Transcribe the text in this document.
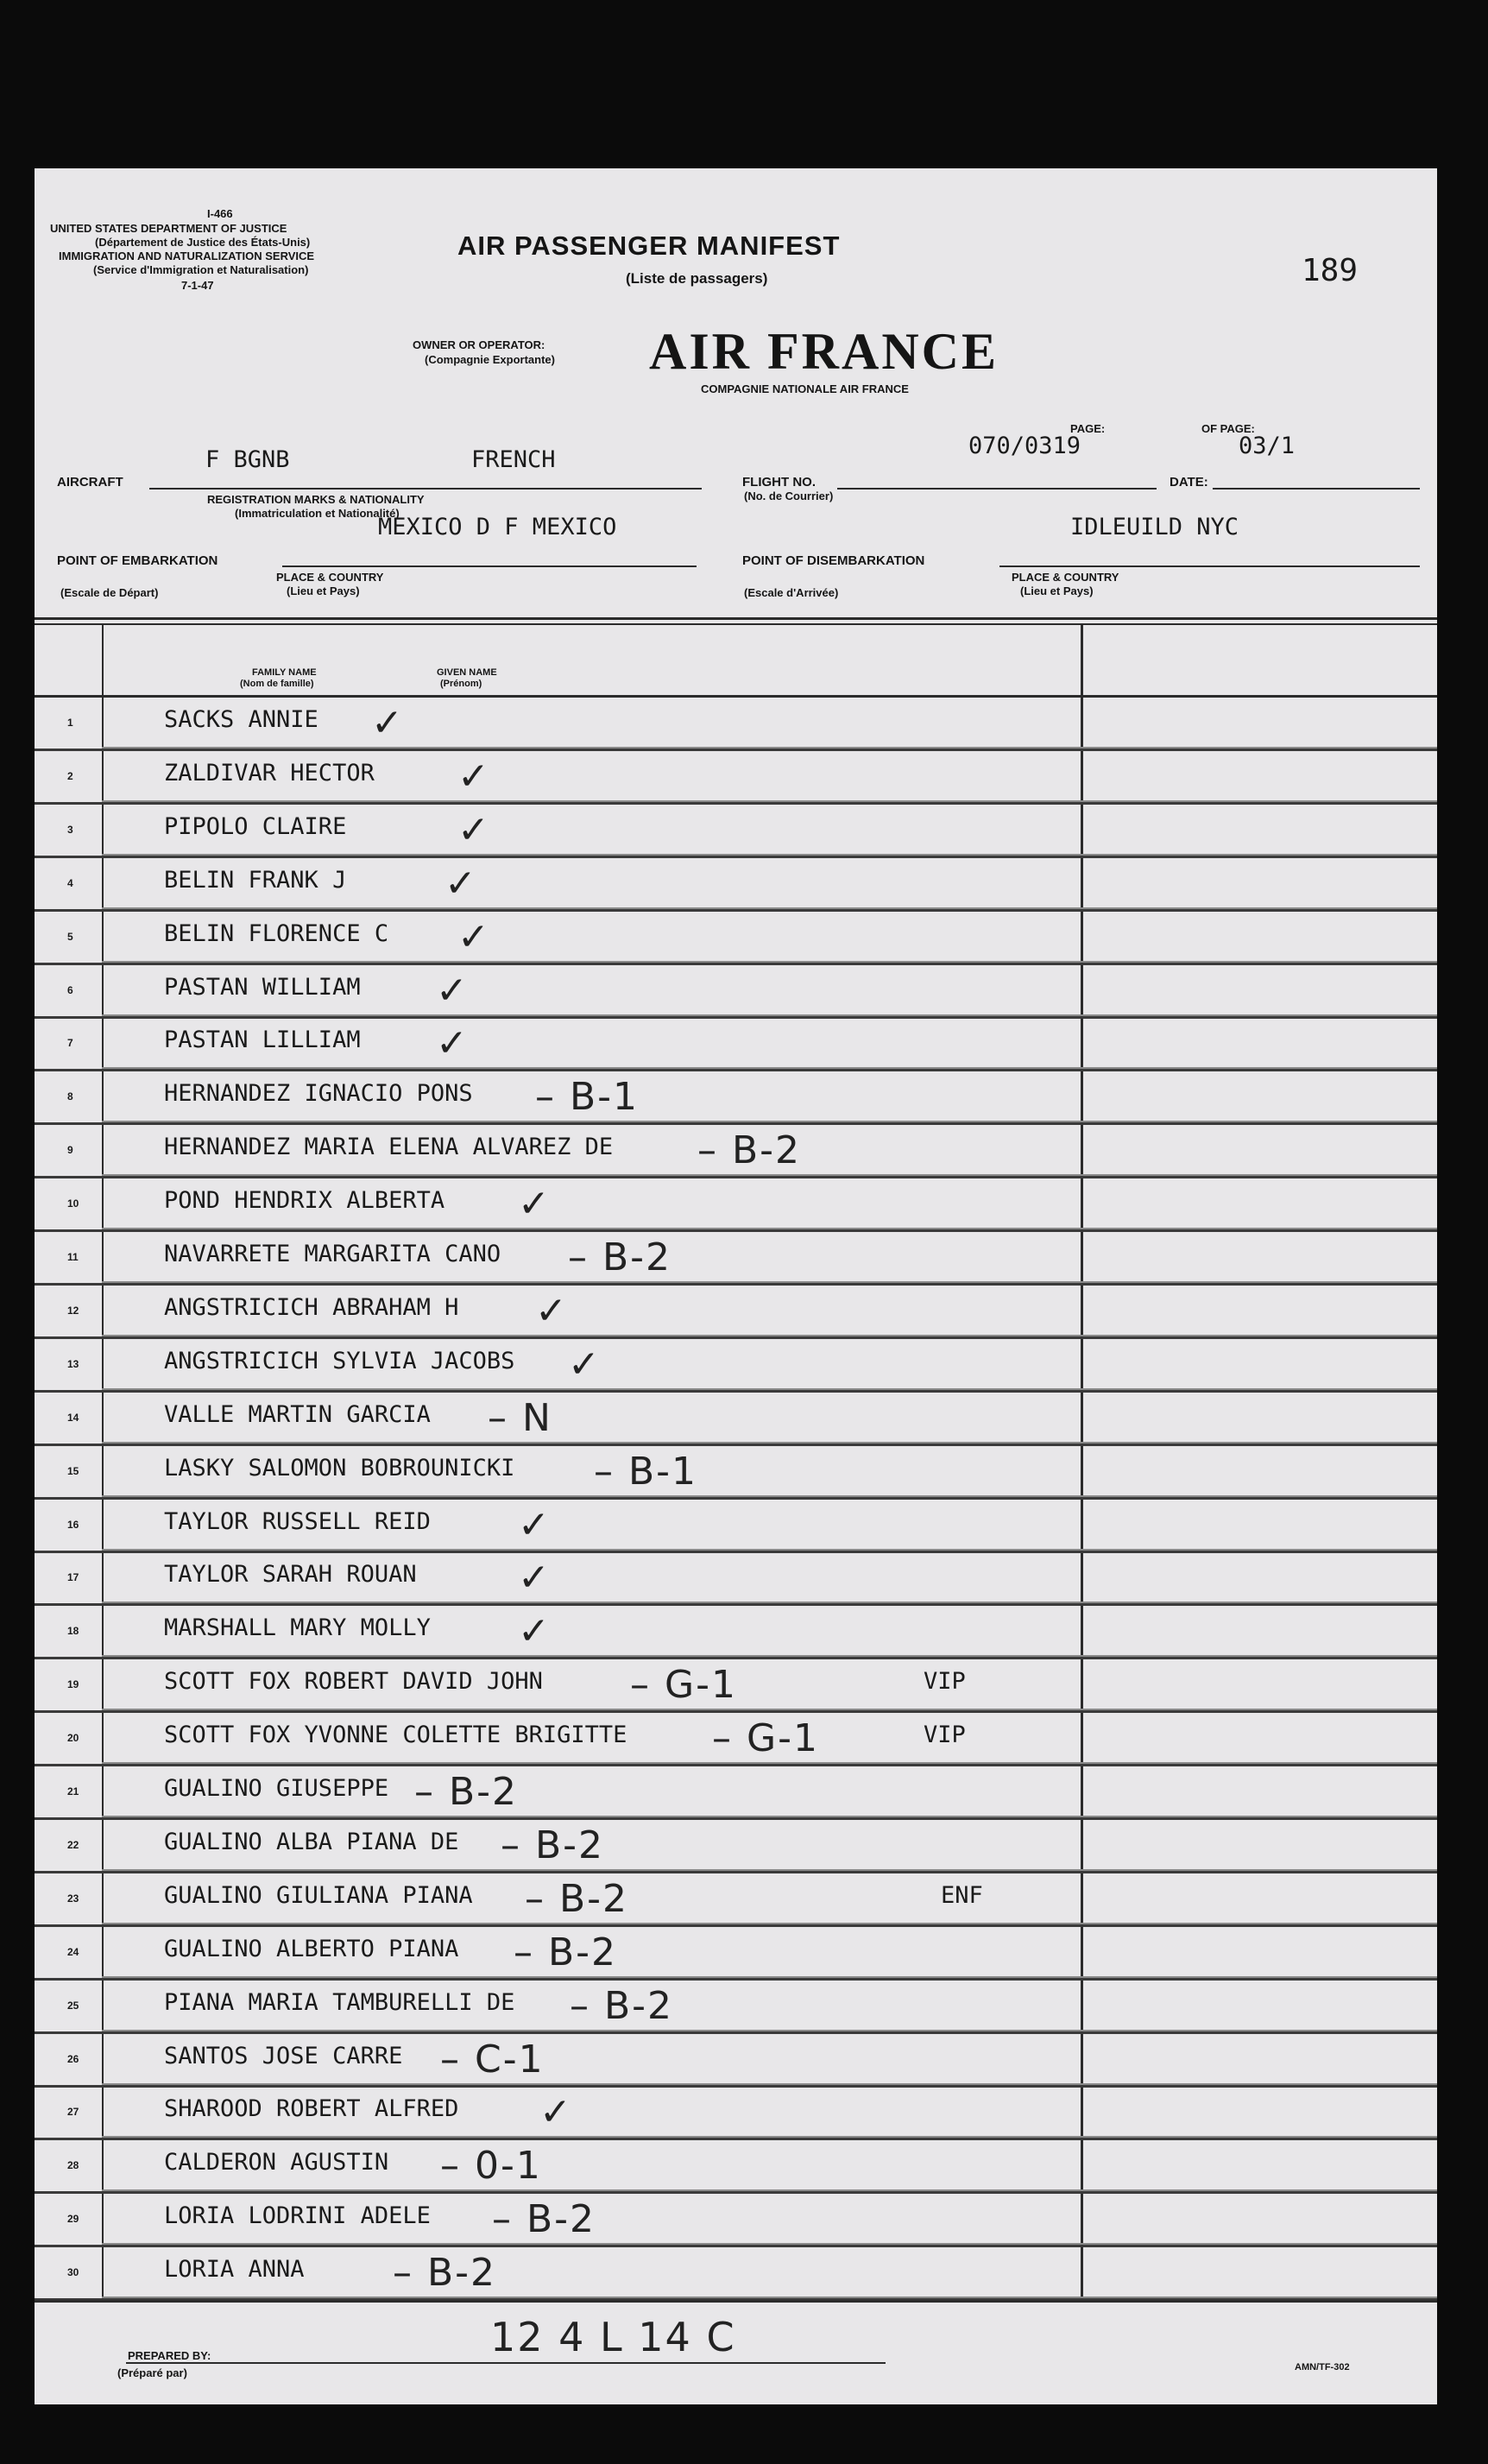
I-466
UNITED STATES DEPARTMENT OF JUSTICE
(Département de Justice des États-Unis)
IMMIGRATION AND NATURALIZATION SERVICE
(Service d'Immigration et Naturalisation)
7-1-47
AIR PASSENGER MANIFEST
(Liste de passagers)	189
OWNER OR OPERATOR:
(Compagnie Exportante) AIR FRANCE
COMPAGNIE NATIONALE AIR FRANCE
F BGNB	FRENCH
AIRCRAFT
REGISTRATION MARKS & NATIONALITY
(Immatriculation et Nationalité)
PAGE:	OF PAGE:
070/0319	03/1
FLIGHT NO.
(No. de Courrier)
DATE:
MEXICO D F MEXICO	IDLEUILD NYC
POINT OF EMBARKATION	POINT OF DISEMBARKATION
PLACE & COUNTRY
(Lieu et Pays)
(Escale de Départ)
PLACE & COUNTRY
(Lieu et Pays)
(Escale d'Arrivée)
FAMILY NAME
(Nom de famille)
GIVEN NAME
(Prénom)
1	SACKS ANNIE ✓
2	ZALDIVAR HECTOR ✓
3	PIPOLO CLAIRE	✓
4	BELIN FRANK J	✓
5	BELIN FLORENCE C ✓
6	PASTAN WILLIAM ✓
7	PASTAN LILLIAM ✓
8	HERNANDEZ IGNACIO PONS – B-1
9	HERNANDEZ MARIA ELENA ALVAREZ DE – B-2
10	POND HENDRIX ALBERTA ✓
11	NAVARRETE MARGARITA CANO – B-2
12	ANGSTRICICH ABRAHAM H ✓
13	ANGSTRICICH SYLVIA JACOBS ✓
14	VALLE MARTIN GARCIA – N
15	LASKY SALOMON BOBROUNICKI – B-1
16	TAYLOR RUSSELL REID ✓
17	TAYLOR SARAH ROUAN	✓
18	MARSHALL MARY MOLLY ✓
19	SCOTT FOX ROBERT DAVID JOHN – G-1	VIP
20	SCOTT FOX YVONNE COLETTE BRIGITTE – G-1	VIP
21	GUALINO GIUSEPPE – B-2
22	GUALINO ALBA PIANA DE – B-2
23	GUALINO GIULIANA PIANA – B-2	ENF
24	GUALINO ALBERTO PIANA – B-2
25	PIANA MARIA TAMBURELLI DE – B-2
26	SANTOS JOSE CARRE – C-1
27	SHAROOD ROBERT ALFRED ✓
28	CALDERON AGUSTIN – 0-1
29	LORIA LODRINI ADELE – B-2
30	LORIA ANNA – B-2
12 4 L 14 C
PREPARED BY:
(Préparé par)	AMN/TF-302
